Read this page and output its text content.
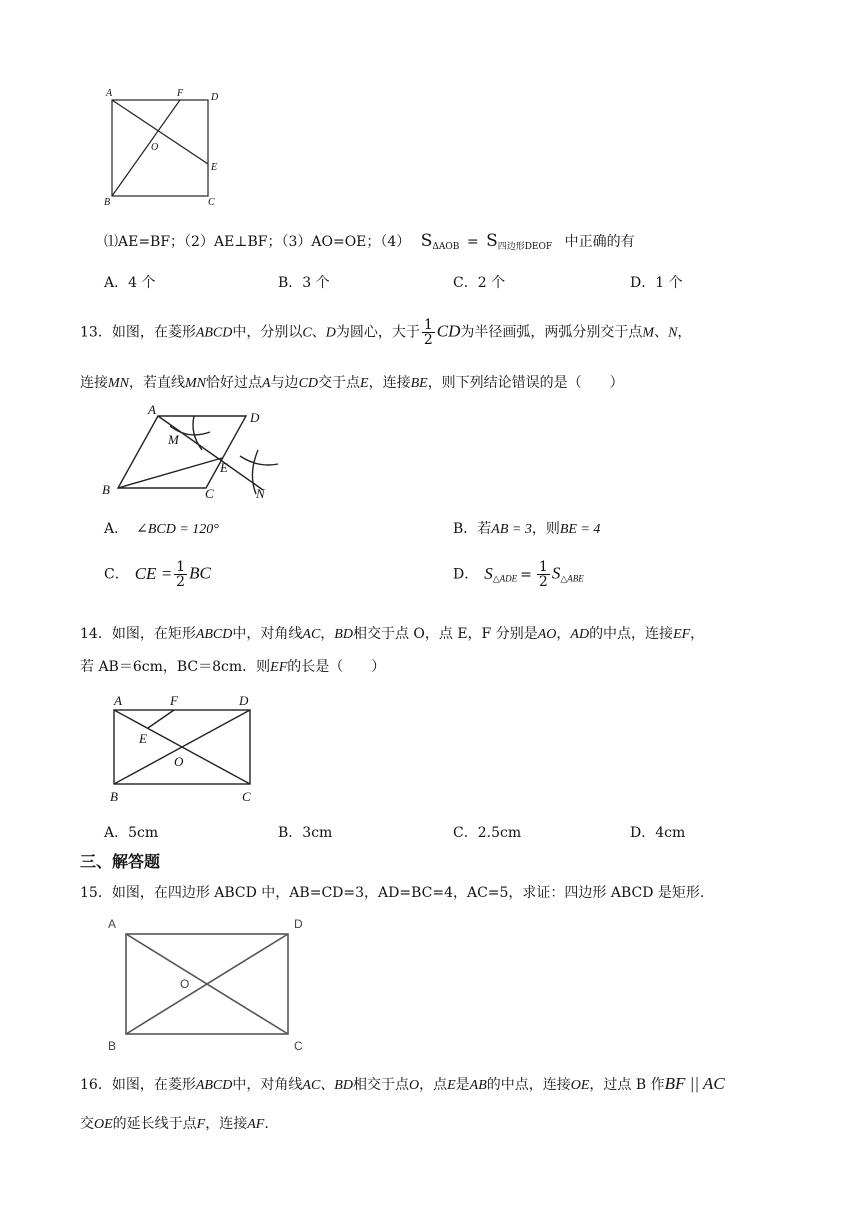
A	F	D
O
E
B	C
⑴AE=BF；（2）AE⊥BF；（3）AO=OE；（4） $S_{\Delta AOB} = S_{四边形DEOF}$ 中正确的有
A．4 个	B．3 个	C．2 个	D．1 个
13．如图，在菱形ABCD中，分别以C、D为圆心，大于 $\frac{1}{2}$ CD为半径画弧，两弧分别交于点M、N，
连接MN，若直线MN恰好过点A与边CD交于点E，连接BE，则下列结论错误的是（　　）
A
D
M
E
B	C	N
A． ∠BCD = 120°	B．若AB = 3，则BE = 4
C． CE = $\frac{1}{2}$ BC	D． $S_{\triangle ADE} = \frac{1}{2} S_{\triangle ABE}$
14．如图，在矩形ABCD中，对角线AC，BD相交于点 O，点 E，F 分别是AO，AD的中点，连接EF，
若 AB＝6cm，BC＝8cm．则EF的长是（　　）
A	F	D
E
O
B	C
A．5cm	B．3cm	C．2.5cm	D．4cm
三、解答题
15．如图，在四边形 ABCD 中，AB=CD=3，AD=BC=4，AC=5，求证：四边形 ABCD 是矩形.
A	D
O
B	C
16．如图，在菱形ABCD中，对角线AC、BD相交于点O，点E是AB的中点，连接OE，过点 B 作BF || AC
交OE的延长线于点F，连接AF.
